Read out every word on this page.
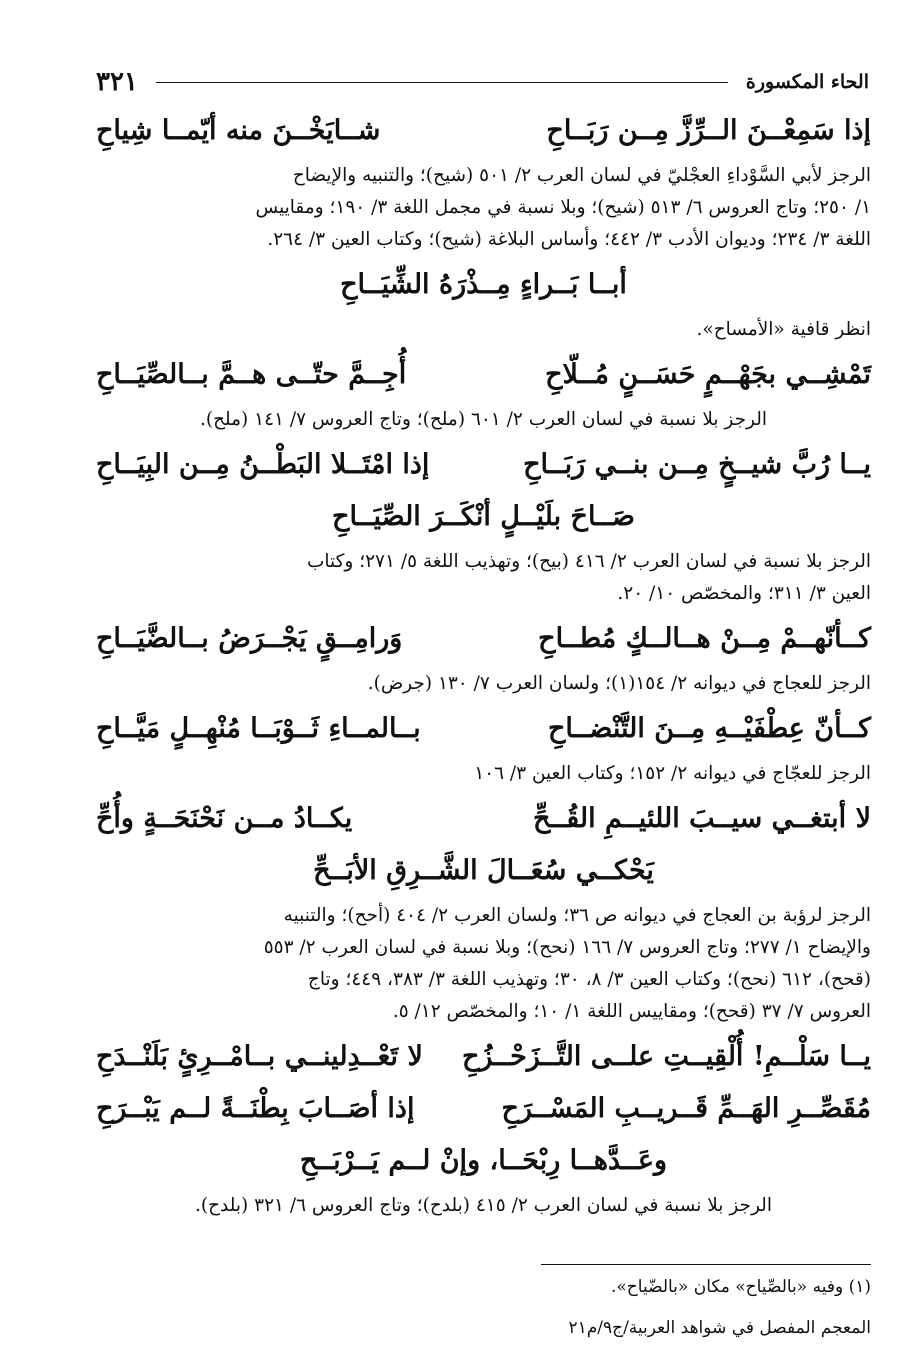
الحاء المكسورة
٣٢١
إذا سَمِعْــنَ الــرِّزَّ مِــن رَبَــاحِ
شــايَخْــنَ منه أيّمــا شِياحِ
الرجز لأبي السَّوْداءِ العجْليّ في لسان العرب ٢/ ٥٠١ (شيح)؛ والتنبيه والإيضاح
١/ ٢٥٠؛ وتاج العروس ٦/ ٥١٣ (شيح)؛ وبلا نسبة في مجمل اللغة ٣/ ١٩٠؛ ومقاييس
اللغة ٣/ ٢٣٤؛ وديوان الأدب ٣/ ٤٤٢؛ وأساس البلاغة (شيح)؛ وكتاب العين ٣/ ٢٦٤.
أبــا بَــراءٍ مِــذْرَهُ الشِّيَــاحِ
انظر قافية «الأمساح».
تَمْشِــي بجَهْــمٍ حَسَــنٍ مُــلّاحِ
أُجِــمَّ حتّــى هــمَّ بــالصِّيَــاحِ
الرجز بلا نسبة في لسان العرب ٢/ ٦٠١ (ملح)؛ وتاج العروس ٧/ ١٤١ (ملح).
يــا رُبَّ شيــخٍ مِــن بنــي رَبَــاحِ
إذا امْتَــلا البَطْــنُ مِــن البِيَــاحِ
صَــاحَ بلَيْــلٍ أنْكَــرَ الصِّيَــاحِ
الرجز بلا نسبة في لسان العرب ٢/ ٤١٦ (بيح)؛ وتهذيب اللغة ٥/ ٢٧١؛ وكتاب
العين ٣/ ٣١١؛ والمخصّص ١٠/ ٢٠.
كــأنّهــمْ مِــنْ هــالــكٍ مُطــاحِ
وَرامِــقٍ يَجْــرَضُ بــالضَّيَــاحِ
الرجز للعجاج في ديوانه ٢/ ١٥٤(١)؛ ولسان العرب ٧/ ١٣٠ (جرض).
كــأنّ عِطْفَيْــهِ مِــنَ التَّنْضــاحِ
بــالمــاءِ ثَــوْبَــا مُنْهِــلٍ مَيَّــاحِ
الرجز للعجّاج في ديوانه ٢/ ١٥٢؛ وكتاب العين ٣/ ١٠٦
لا أبتغــي سيــبَ اللئيــمِ القُــحِّ
يكــادُ مــن نَحْنَحَــةٍ وأُحِّ
يَحْكــي سُعَــالَ الشَّــرِقِ الأبَــحِّ
الرجز لرؤبة بن العجاج في ديوانه ص ٣٦؛ ولسان العرب ٢/ ٤٠٤ (أحح)؛ والتنبيه
والإيضاح ١/ ٢٧٧؛ وتاج العروس ٧/ ١٦٦ (نحح)؛ وبلا نسبة في لسان العرب ٢/ ٥٥٣
(قحح)، ٦١٢ (نحح)؛ وكتاب العين ٣/ ٨، ٣٠؛ وتهذيب اللغة ٣/ ٣٨٣، ٤٤٩؛ وتاج
العروس ٧/ ٣٧ (قحح)؛ ومقاييس اللغة ١/ ١٠؛ والمخصّص ١٢/ ٥.
يــا سَلْــمِ! أُلْقِيــتِ علــى التَّــزَحْــزُحِ
لا تَعْــدِلينــي بــامْــرِئٍ بَلَنْــدَحِ
مُقَصِّــرِ الهَــمِّ قَــريــبِ المَسْــرَحِ
إذا أصَــابَ بِطْنَــةً لــم يَبْــرَحِ
وعَــدَّهــا رِبْحَــا، وإنْ لــم يَــرْبَــحِ
الرجز بلا نسبة في لسان العرب ٢/ ٤١٥ (بلدح)؛ وتاج العروس ٦/ ٣٢١ (بلدح).
(١) وفيه «بالصِّياح» مكان «بالضّياح».
المعجم المفصل في شواهد العربية/ج٩/م٢١
